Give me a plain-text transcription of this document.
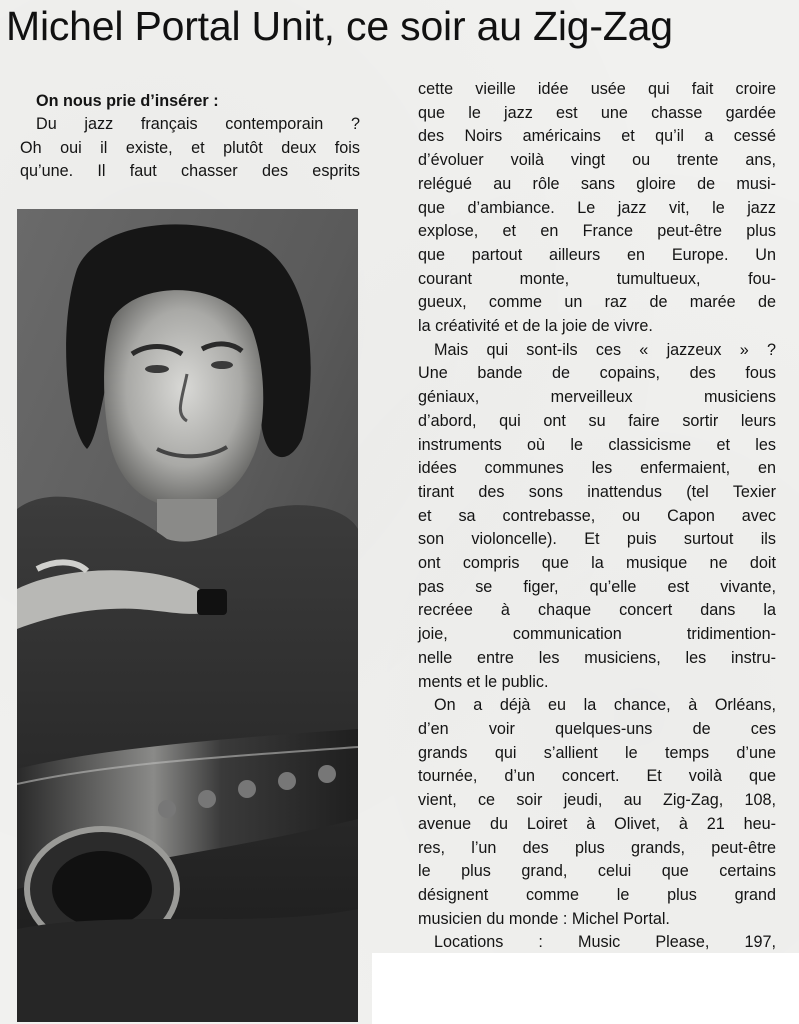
Michel Portal Unit, ce soir au Zig-Zag
On nous prie d’insérer :
Du jazz français contemporain ?
Oh oui il existe, et plutôt deux fois
qu’une. Il faut chasser des esprits
cette vieille idée usée qui fait croire
que le jazz est une chasse gardée
des Noirs américains et qu’il a cessé
d’évoluer voilà vingt ou trente ans,
relégué au rôle sans gloire de musi-
que d’ambiance. Le jazz vit, le jazz
explose, et en France peut-être plus
que partout ailleurs en Europe. Un
courant monte, tumultueux, fou-
gueux, comme un raz de marée de
la créativité et de la joie de vivre.
Mais qui sont-ils ces « jazzeux » ?
Une bande de copains, des fous
géniaux, merveilleux musiciens
d’abord, qui ont su faire sortir leurs
instruments où le classicisme et les
idées communes les enfermaient, en
tirant des sons inattendus (tel Texier
et sa contrebasse, ou Capon avec
son violoncelle). Et puis surtout ils
ont compris que la musique ne doit
pas se figer, qu’elle est vivante,
recréee à chaque concert dans la
joie, communication tridimention-
nelle entre les musiciens, les instru-
ments et le public.
On a déjà eu la chance, à Orléans,
d’en voir quelques-uns de ces
grands qui s’allient le temps d’une
tournée, d’un concert. Et voilà que
vient, ce soir jeudi, au Zig-Zag, 108,
avenue du Loiret à Olivet, à 21 heu-
res, l’un des plus grands, peut-être
le plus grand, celui que certains
désignent comme le plus grand
musicien du monde : Michel Portal.
Locations : Music Please, 197,
